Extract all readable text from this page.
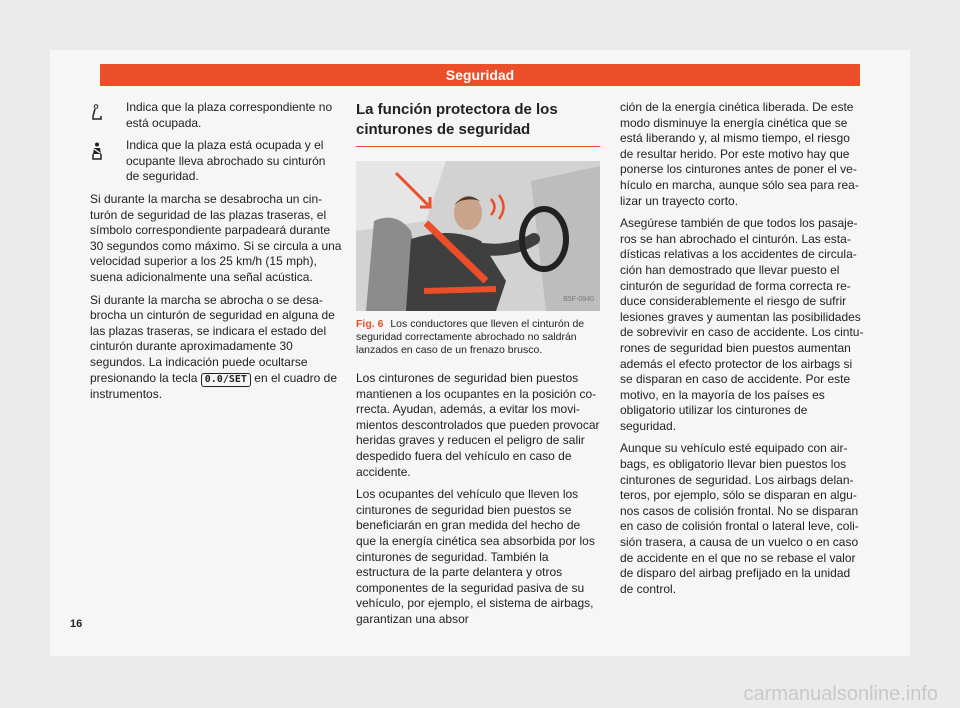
Seguridad
Indica que la plaza correspondiente no está ocupada.
Indica que la plaza está ocupada y el ocupante lleva abrochado su cinturón de seguridad.

Si durante la marcha se desabrocha un cinturón de seguridad de las plazas traseras, el símbolo correspondiente parpadeará durante 30 segundos como máximo. Si se circula a una velocidad superior a los 25 km/h (15 mph), suena adicionalmente una señal acústica.

Si durante la marcha se abrocha o se desabrocha un cinturón de seguridad en alguna de las plazas traseras, se indicara el estado del cinturón durante aproximadamente 30 segundos. La indicación puede ocultarse presionando la tecla 0.0/SET en el cuadro de instrumentos.

La función protectora de los cinturones de seguridad
B5F-0940
Fig. 6 Los conductores que lleven el cinturón de seguridad correctamente abrochado no saldrán lanzados en caso de un frenazo brusco.

Los cinturones de seguridad bien puestos mantienen a los ocupantes en la posición correcta. Ayudan, además, a evitar los movimientos descontrolados que pueden provocar heridas graves y reducen el peligro de salir despedido fuera del vehículo en caso de accidente.

Los ocupantes del vehículo que lleven los cinturones de seguridad bien puestos se beneficiarán en gran medida del hecho de que la energía cinética sea absorbida por los cinturones de seguridad. También la estructura de la parte delantera y otros componentes de la seguridad pasiva de su vehículo, por ejemplo, el sistema de airbags, garantizan una absor

ción de la energía cinética liberada. De este modo disminuye la energía cinética que se está liberando y, al mismo tiempo, el riesgo de resultar herido. Por este motivo hay que ponerse los cinturones antes de poner el vehículo en marcha, aunque sólo sea para realizar un trayecto corto.

Asegúrese también de que todos los pasajeros se han abrochado el cinturón. Las estadísticas relativas a los accidentes de circulación han demostrado que llevar puesto el cinturón de seguridad de forma correcta reduce considerablemente el riesgo de sufrir lesiones graves y aumentan las posibilidades de sobrevivir en caso de accidente. Los cinturones de seguridad bien puestos aumentan además el efecto protector de los airbags si se disparan en caso de accidente. Por este motivo, en la mayoría de los países es obligatorio utilizar los cinturones de seguridad.

Aunque su vehículo esté equipado con airbags, es obligatorio llevar bien puestos los cinturones de seguridad. Los airbags delanteros, por ejemplo, sólo se disparan en algunos casos de colisión frontal. No se disparan en caso de colisión frontal o lateral leve, colisión trasera, a causa de un vuelco o en caso de accidente en el que no se rebase el valor de disparo del airbag prefijado en la unidad de control.

16
carmanualsonline.info
